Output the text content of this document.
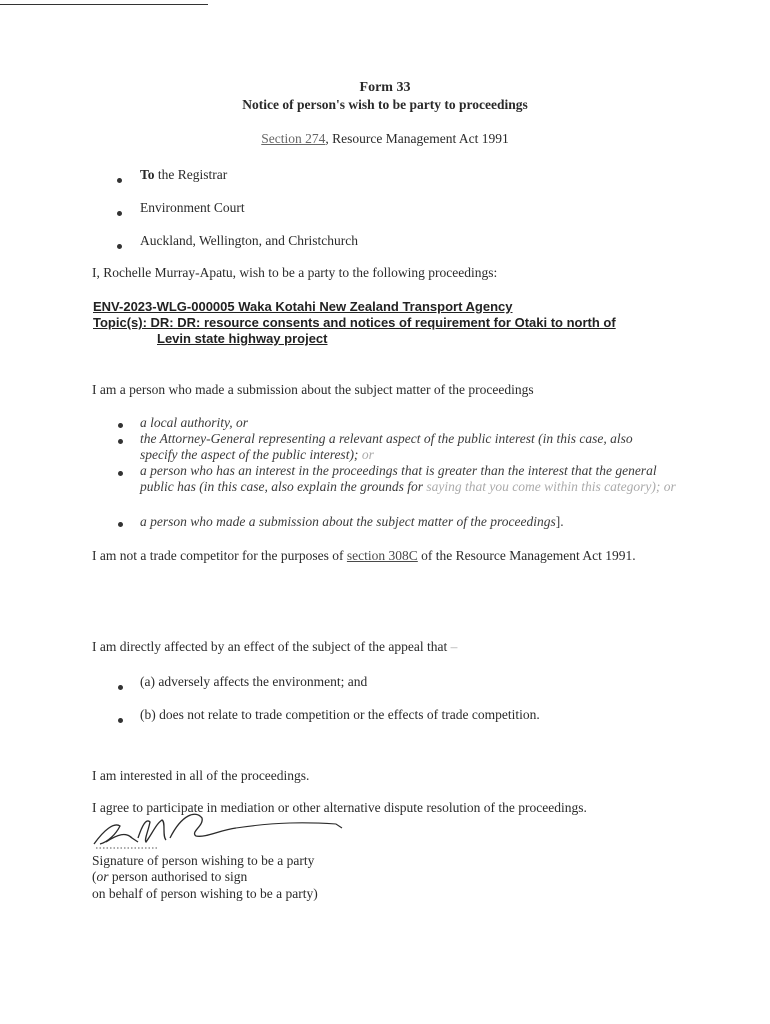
Form 33
Notice of person's wish to be party to proceedings
Section 274, Resource Management Act 1991
To the Registrar
Environment Court
Auckland, Wellington, and Christchurch
I, Rochelle Murray-Apatu, wish to be a party to the following proceedings:
ENV-2023-WLG-000005 Waka Kotahi New Zealand Transport Agency
Topic(s): DR: DR: resource consents and notices of requirement for Otaki to north of
Levin state highway project
I am a person who made a submission about the subject matter of the proceedings
a local authority, or
the Attorney-General representing a relevant aspect of the public interest (in this case, also specify the aspect of the public interest); or
a person who has an interest in the proceedings that is greater than the interest that the general public has (in this case, also explain the grounds for saying that you come within this category); or
a person who made a submission about the subject matter of the proceedings].
I am not a trade competitor for the purposes of section 308C of the Resource Management Act 1991.
I am directly affected by an effect of the subject of the appeal that –
(a) adversely affects the environment; and
(b) does not relate to trade competition or the effects of trade competition.
I am interested in all of the proceedings.
I agree to participate in mediation or other alternative dispute resolution of the proceedings.
Signature of person wishing to be a party
(or person authorised to sign
on behalf of person wishing to be a party)
